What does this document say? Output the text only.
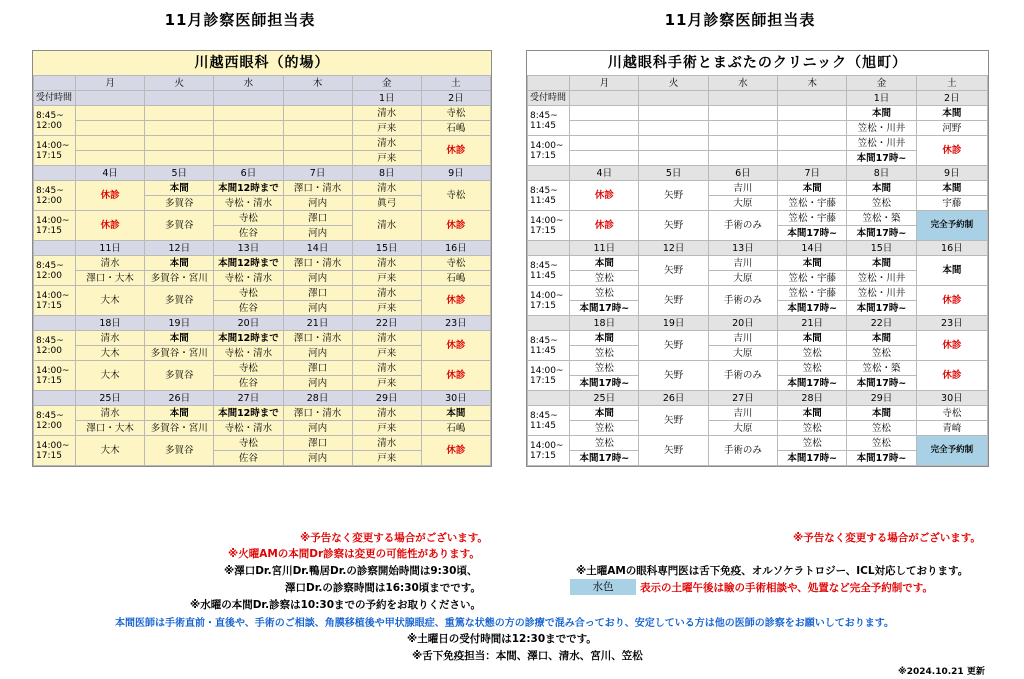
11月診察医師担当表	11月診察医師担当表
川越西眼科（的場）
	月	火	水	木	金	土
受付時間					1日	2日
8:45~
12:00					清水	寺松
					戸来	石嶋
14:00~
17:15					清水	休診
					戸来	
	4日	5日	6日	7日	8日	9日
8:45~
12:00	休診	本間	本間12時まで	澤口・清水	清水	寺松
		多賀谷	寺松・清水	河内	眞弓	
14:00~
17:15	休診	多賀谷	寺松	澤口	清水	休診
			佐谷	河内		
	11日	12日	13日	14日	15日	16日
8:45~
12:00	清水	本間	本間12時まで	澤口・清水	清水	寺松
	澤口・大木	多賀谷・宮川	寺松・清水	河内	戸来	石嶋
14:00~
17:15	大木	多賀谷	寺松	澤口	清水	休診
			佐谷	河内	戸来	
	18日	19日	20日	21日	22日	23日
8:45~
12:00	清水	本間	本間12時まで	澤口・清水	清水	休診
	大木	多賀谷・宮川	寺松・清水	河内	戸来	
14:00~
17:15	大木	多賀谷	寺松	澤口	清水	休診
			佐谷	河内	戸来	
	25日	26日	27日	28日	29日	30日
8:45~
12:00	清水	本間	本間12時まで	澤口・清水	清水	本間
	澤口・大木	多賀谷・宮川	寺松・清水	河内	戸来	石嶋
14:00~
17:15	大木	多賀谷	寺松	澤口	清水	休診
			佐谷	河内	戸来	
川越眼科手術とまぶたのクリニック（旭町）
	月	火	水	木	金	土
受付時間					1日	2日
8:45~
11:45					本間	本間
					笠松・川井	河野
14:00~
17:15					笠松・川井	休診
					本間17時~	
	4日	5日	6日	7日	8日	9日
8:45~
11:45	休診	矢野	吉川	本間	本間	本間
			大原	笠松・宇藤	笠松	宇藤
14:00~
17:15	休診	矢野	手術のみ	笠松・宇藤	笠松・築	完全予約制
				本間17時~	本間17時~	
	11日	12日	13日	14日	15日	16日
8:45~
11:45	本間	矢野	吉川	本間	本間	本間
	笠松		大原	笠松・宇藤	笠松・川井	
14:00~
17:15	笠松	矢野	手術のみ	笠松・宇藤	笠松・川井	休診
	本間17時~			本間17時~	本間17時~	
	18日	19日	20日	21日	22日	23日
8:45~
11:45	本間	矢野	吉川	本間	本間	休診
	笠松		大原	笠松	笠松	
14:00~
17:15	笠松	矢野	手術のみ	笠松	笠松・築	休診
	本間17時~			本間17時~	本間17時~	
	25日	26日	27日	28日	29日	30日
8:45~
11:45	本間	矢野	吉川	本間	本間	寺松
	笠松		大原	笠松	笠松	青崎
14:00~
17:15	笠松	矢野	手術のみ	笠松	笠松	完全予約制
	本間17時~			本間17時~	本間17時~	
※予告なく変更する場合がございます。
※火曜AMの本間Dr診察は変更の可能性があります。
※澤口Dr.宮川Dr.鴨居Dr.の診察開始時間は9:30頃、
澤口Dr.の診察時間は16:30頃までです。
※水曜の本間Dr.診察は10:30までの予約をお取りください。
※予告なく変更する場合がございます。
※土曜AMの眼科専門医は舌下免疫、オルソケラトロジー、ICL対応しております。
水色	表示の土曜午後は瞼の手術相談や、処置など完全予約制です。
本間医師は手術直前・直後や、手術のご相談、角膜移植後や甲状腺眼症、重篤な状態の方の診療で混み合っており、安定している方は他の医師の診察をお願いしております。
※土曜日の受付時間は12:30までです。
※舌下免疫担当：本間、澤口、清水、宮川、笠松
※2024.10.21 更新
